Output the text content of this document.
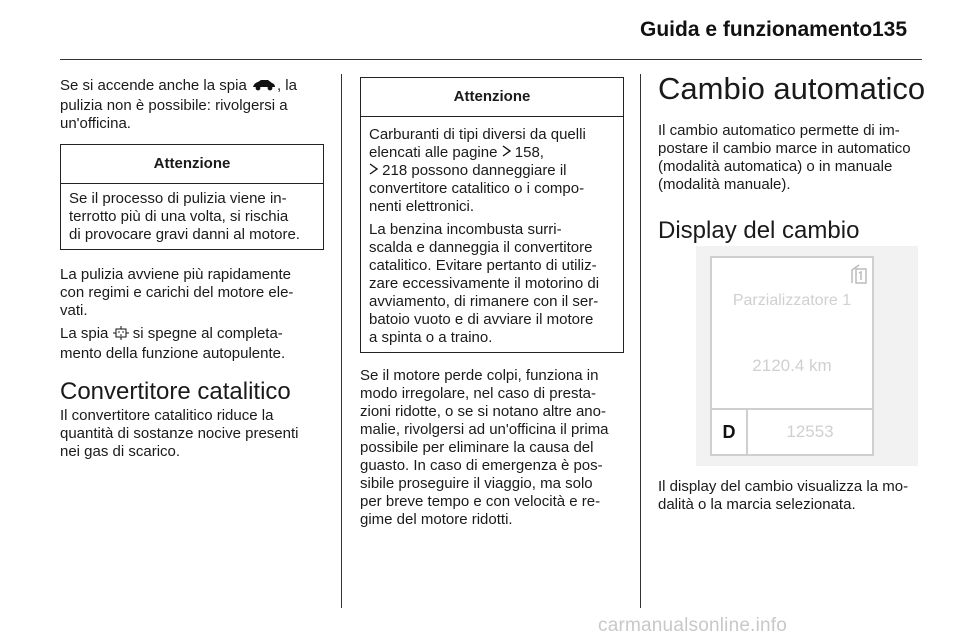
Guida e funzionamento 135

Se si accende anche la spia , la
pulizia non è possibile: rivolgersi a
un'officina.

Attenzione
Se il processo di pulizia viene in-
terrotto più di una volta, si rischia
di provocare gravi danni al motore.

La pulizia avviene più rapidamente
con regimi e carichi del motore ele-
vati.

La spia si spegne al completa-
mento della funzione autopulente.

Convertitore catalitico

Il convertitore catalitico riduce la
quantità di sostanze nocive presenti
nei gas di scarico.

Attenzione
Carburanti di tipi diversi da quelli
elencati alle pagine 158,
218 possono danneggiare il
convertitore catalitico o i compo-
nenti elettronici.
La benzina incombusta surri-
scalda e danneggia il convertitore
catalitico. Evitare pertanto di utiliz-
zare eccessivamente il motorino di
avviamento, di rimanere con il ser-
batoio vuoto e di avviare il motore
a spinta o a traino.

Se il motore perde colpi, funziona in
modo irregolare, nel caso di presta-
zioni ridotte, o se si notano altre ano-
malie, rivolgersi ad un'officina il prima
possibile per eliminare la causa del
guasto. In caso di emergenza è pos-
sibile proseguire il viaggio, ma solo
per breve tempo e con velocità e re-
gime del motore ridotti.

Cambio automatico

Il cambio automatico permette di im-
postare il cambio marce in automatico
(modalità automatica) o in manuale
(modalità manuale).

Display del cambio
Parzializzatore 1
2120.4 km
D	12553
Il display del cambio visualizza la mo-
dalità o la marcia selezionata.
carmanualsonline.info
